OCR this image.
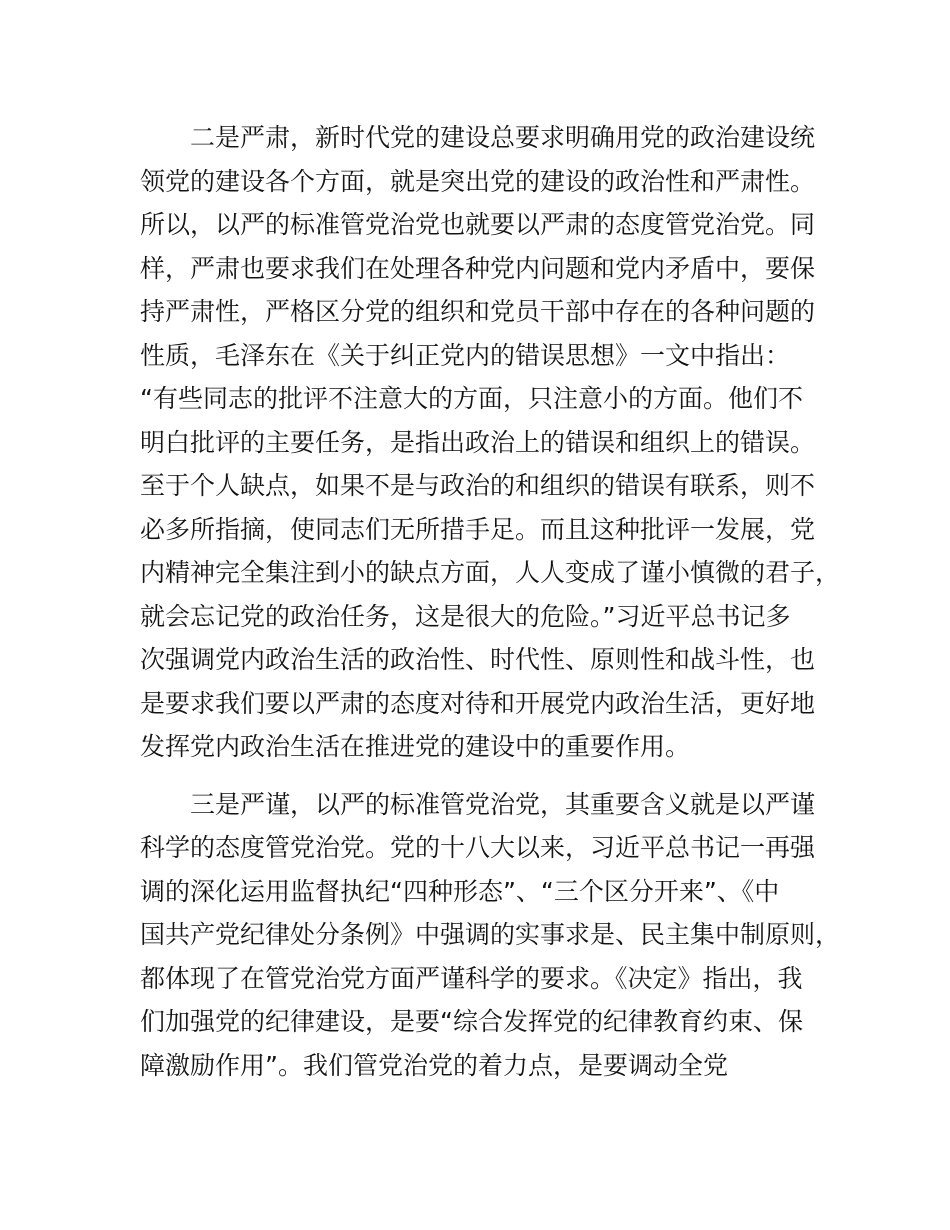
二是严肃，新时代党的建设总要求明确用党的政治建设统
领党的建设各个方面，就是突出党的建设的政治性和严肃性。
所以，以严的标准管党治党也就要以严肃的态度管党治党。同
样，严肃也要求我们在处理各种党内问题和党内矛盾中，要保
持严肃性，严格区分党的组织和党员干部中存在的各种问题的
性质，毛泽东在《关于纠正党内的错误思想》一文中指出：
“有些同志的批评不注意大的方面，只注意小的方面。他们不
明白批评的主要任务，是指出政治上的错误和组织上的错误。
至于个人缺点，如果不是与政治的和组织的错误有联系，则不
必多所指摘，使同志们无所措手足。而且这种批评一发展，党
内精神完全集注到小的缺点方面，人人变成了谨小慎微的君子，
就会忘记党的政治任务，这是很大的危险。”习近平总书记多
次强调党内政治生活的政治性、时代性、原则性和战斗性，也
是要求我们要以严肃的态度对待和开展党内政治生活，更好地
发挥党内政治生活在推进党的建设中的重要作用。
三是严谨，以严的标准管党治党，其重要含义就是以严谨
科学的态度管党治党。党的十八大以来，习近平总书记一再强
调的深化运用监督执纪“四种形态”、“三个区分开来”、《中
国共产党纪律处分条例》中强调的实事求是、民主集中制原则，
都体现了在管党治党方面严谨科学的要求。《决定》指出，我
们加强党的纪律建设，是要“综合发挥党的纪律教育约束、保
障激励作用”。我们管党治党的着力点，是要调动全党
